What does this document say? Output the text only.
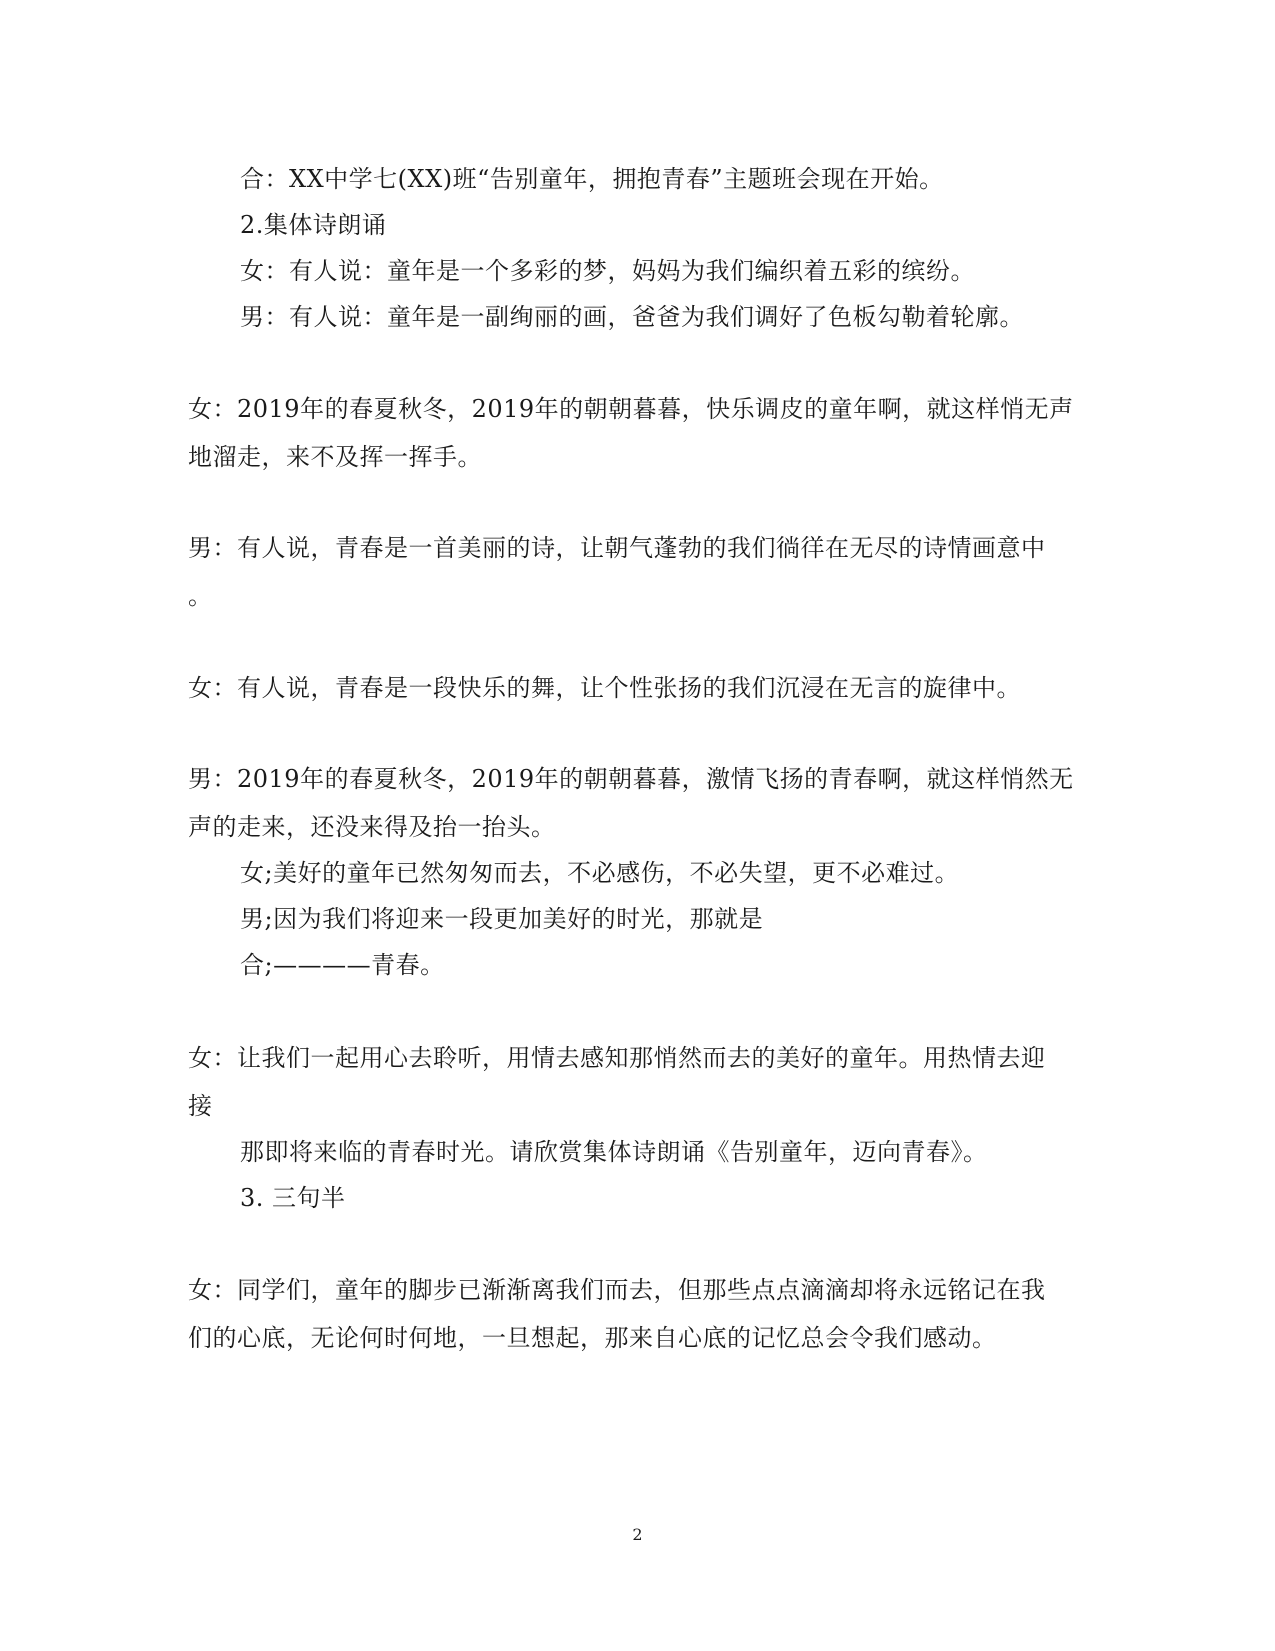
合：XX中学七(XX)班“告别童年，拥抱青春”主题班会现在开始。
2.集体诗朗诵
女：有人说：童年是一个多彩的梦，妈妈为我们编织着五彩的缤纷。
男：有人说：童年是一副绚丽的画，爸爸为我们调好了色板勾勒着轮廓。
女：2019年的春夏秋冬，2019年的朝朝暮暮，快乐调皮的童年啊，就这样悄无声
地溜走，来不及挥一挥手。
男：有人说，青春是一首美丽的诗，让朝气蓬勃的我们徜徉在无尽的诗情画意中
。
女：有人说，青春是一段快乐的舞，让个性张扬的我们沉浸在无言的旋律中。
男：2019年的春夏秋冬，2019年的朝朝暮暮，激情飞扬的青春啊，就这样悄然无
声的走来，还没来得及抬一抬头。
女;美好的童年已然匆匆而去，不必感伤，不必失望，更不必难过。
男;因为我们将迎来一段更加美好的时光，那就是
合;————青春。
女：让我们一起用心去聆听，用情去感知那悄然而去的美好的童年。用热情去迎
接
那即将来临的青春时光。请欣赏集体诗朗诵《告别童年，迈向青春》。
3. 三句半
女：同学们，童年的脚步已渐渐离我们而去，但那些点点滴滴却将永远铭记在我
们的心底，无论何时何地，一旦想起，那来自心底的记忆总会令我们感动。
2
